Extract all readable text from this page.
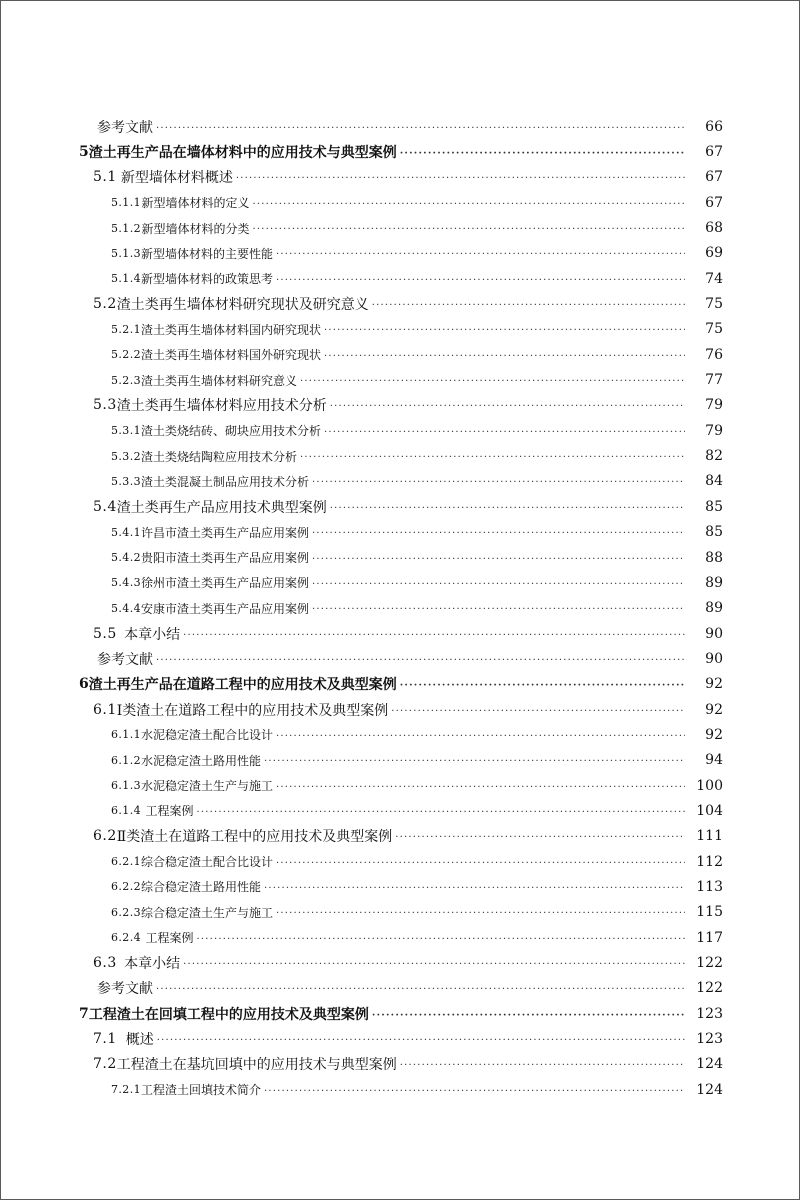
参考文献 ·····	66
5 渣土再生产品在墙体材料中的应用技术与典型案例 ·····	67
5.1 新型墙体材料概述 ·····	67
5.1.1 新型墙体材料的定义 ·····	67
5.1.2 新型墙体材料的分类 ·····	68
5.1.3 新型墙体材料的主要性能 ·····	69
5.1.4 新型墙体材料的政策思考 ·····	74
5.2 渣土类再生墙体材料研究现状及研究意义 ·····	75
5.2.1 渣土类再生墙体材料国内研究现状 ·····	75
5.2.2 渣土类再生墙体材料国外研究现状 ·····	76
5.2.3 渣土类再生墙体材料研究意义 ·····	77
5.3 渣土类再生墙体材料应用技术分析 ·····	79
5.3.1 渣土类烧结砖、砌块应用技术分析 ·····	79
5.3.2 渣土类烧结陶粒应用技术分析 ·····	82
5.3.3 渣土类混凝土制品应用技术分析 ·····	84
5.4 渣土类再生产品应用技术典型案例 ·····	85
5.4.1 许昌市渣土类再生产品应用案例 ·····	85
5.4.2 贵阳市渣土类再生产品应用案例 ·····	88
5.4.3 徐州市渣土类再生产品应用案例 ·····	89
5.4.4 安康市渣土类再生产品应用案例 ·····	89
5.5 本章小结 ·····	90
参考文献 ·····	90
6 渣土再生产品在道路工程中的应用技术及典型案例 ·····	92
6.1 Ⅰ类渣土在道路工程中的应用技术及典型案例 ·····	92
6.1.1 水泥稳定渣土配合比设计 ·····	92
6.1.2 水泥稳定渣土路用性能 ·····	94
6.1.3 水泥稳定渣土生产与施工 ·····	100
6.1.4 工程案例 ·····	104
6.2 Ⅱ类渣土在道路工程中的应用技术及典型案例 ·····	111
6.2.1 综合稳定渣土配合比设计 ·····	112
6.2.2 综合稳定渣土路用性能 ·····	113
6.2.3 综合稳定渣土生产与施工 ·····	115
6.2.4 工程案例 ·····	117
6.3 本章小结 ·····	122
参考文献 ·····	122
7 工程渣土在回填工程中的应用技术及典型案例 ·····	123
7.1 概述 ·····	123
7.2 工程渣土在基坑回填中的应用技术与典型案例 ·····	124
7.2.1 工程渣土回填技术简介 ·····	124
